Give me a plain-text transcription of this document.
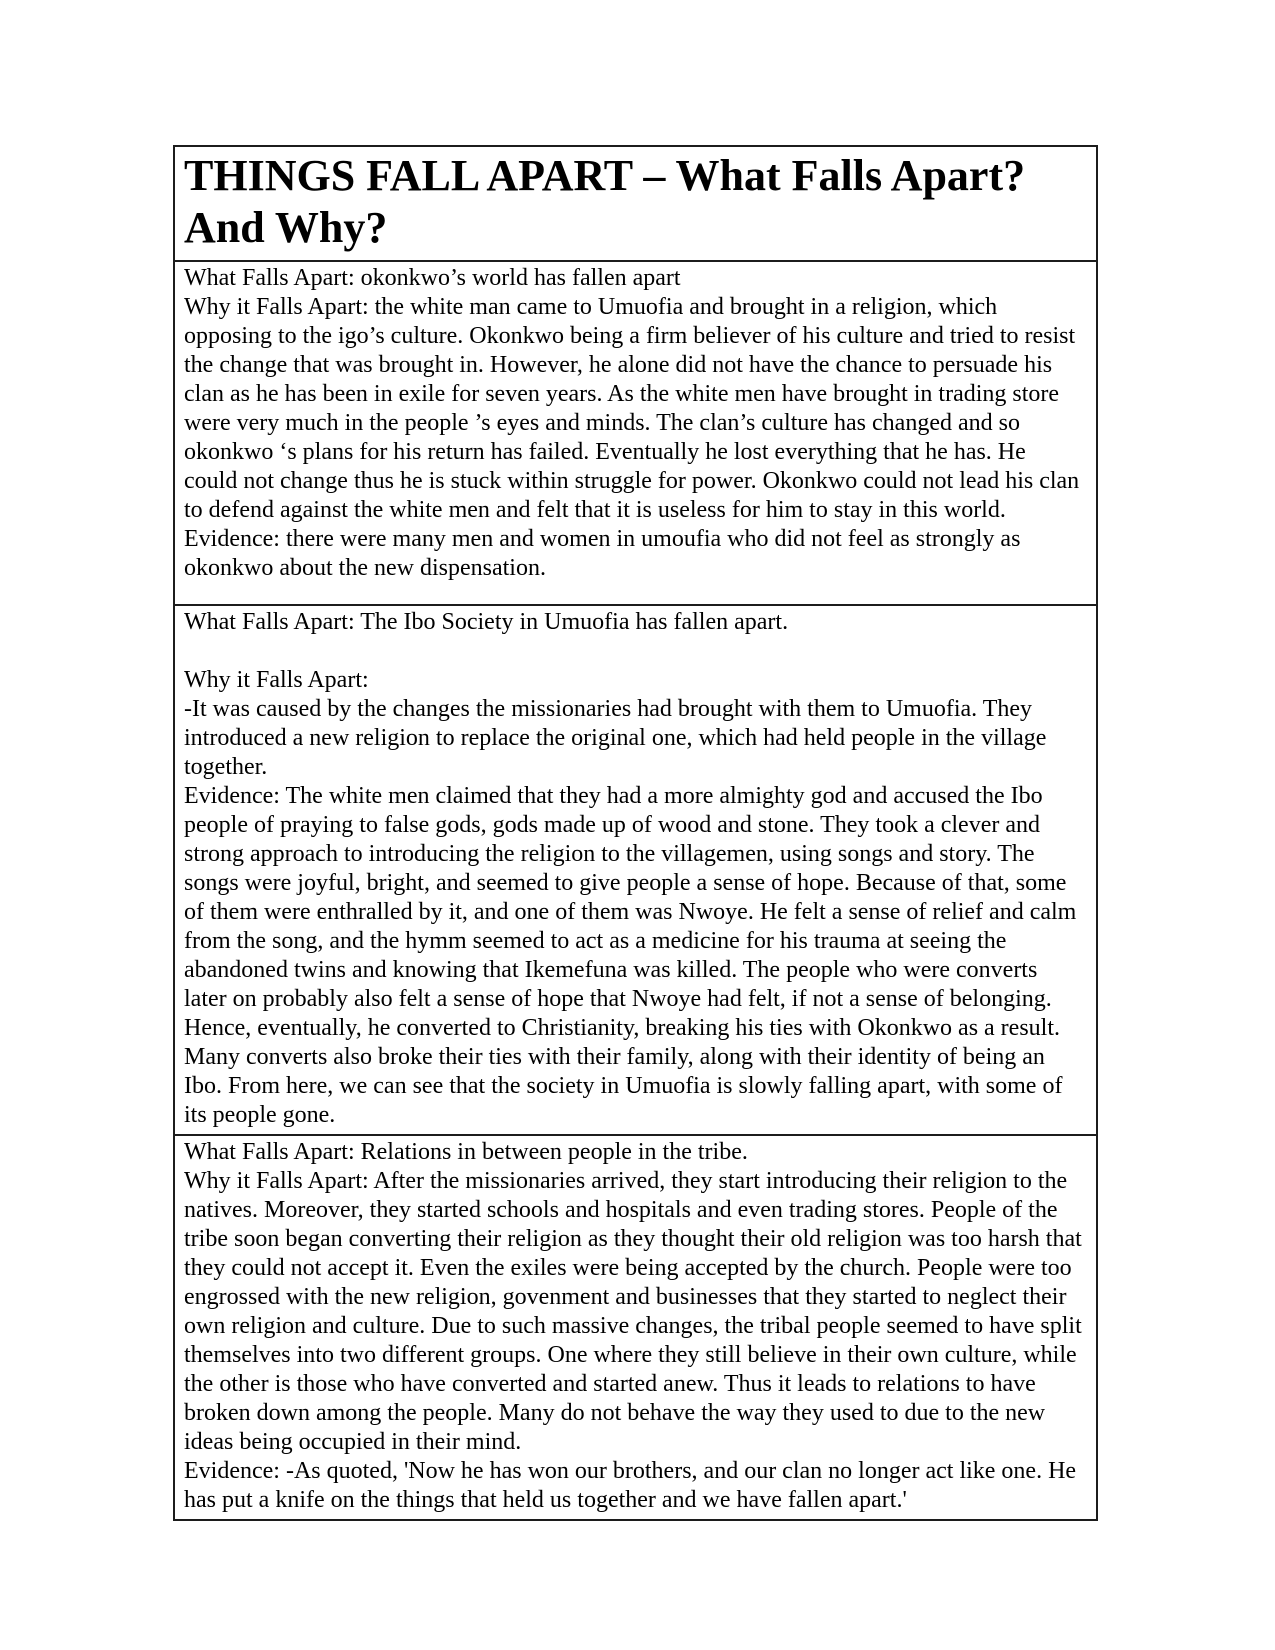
THINGS FALL APART – What Falls Apart?
And Why?

What Falls Apart: okonkwo’s world has fallen apart

Why it Falls Apart: the white man came to Umuofia and brought in a religion, which opposing to the igo’s culture. Okonkwo being a firm believer of his culture and tried to resist the change that was brought in. However, he alone did not have the chance to persuade his clan as he has been in exile for seven years. As the white men have brought in trading store were very much in the people ’s eyes and minds. The clan’s culture has changed and so okonkwo ‘s plans for his return has failed. Eventually he lost everything that he has. He could not change thus he is stuck within struggle for power. Okonkwo could not lead his clan to defend against the white men and felt that it is useless for him to stay in this world.

Evidence: there were many men and women in umoufia who did not feel as strongly as okonkwo about the new dispensation.

What Falls Apart: The Ibo Society in Umuofia has fallen apart.

Why it Falls Apart:

-It was caused by the changes the missionaries had brought with them to Umuofia. They introduced a new religion to replace the original one, which had held people in the village together.

Evidence: The white men claimed that they had a more almighty god and accused the Ibo people of praying to false gods, gods made up of wood and stone. They took a clever and strong approach to introducing the religion to the villagemen, using songs and story. The songs were joyful, bright, and seemed to give people a sense of hope. Because of that, some of them were enthralled by it, and one of them was Nwoye. He felt a sense of relief and calm from the song, and the hymm seemed to act as a medicine for his trauma at seeing the abandoned twins and knowing that Ikemefuna was killed. The people who were converts later on probably also felt a sense of hope that Nwoye had felt, if not a sense of belonging. Hence, eventually, he converted to Christianity, breaking his ties with Okonkwo as a result. Many converts also broke their ties with their family, along with their identity of being an Ibo. From here, we can see that the society in Umuofia is slowly falling apart, with some of its people gone.

What Falls Apart: Relations in between people in the tribe.

Why it Falls Apart: After the missionaries arrived, they start introducing their religion to the natives. Moreover, they started schools and hospitals and even trading stores. People of the tribe soon began converting their religion as they thought their old religion was too harsh that they could not accept it. Even the exiles were being accepted by the church. People were too engrossed with the new religion, govenment and businesses that they started to neglect their own religion and culture. Due to such massive changes, the tribal people seemed to have split themselves into two different groups. One where they still believe in their own culture, while the other is those who have converted and started anew. Thus it leads to relations to have broken down among the people. Many do not behave the way they used to due to the new ideas being occupied in their mind.

Evidence: -As quoted, 'Now he has won our brothers, and our clan no longer act like one. He has put a knife on the things that held us together and we have fallen apart.'
